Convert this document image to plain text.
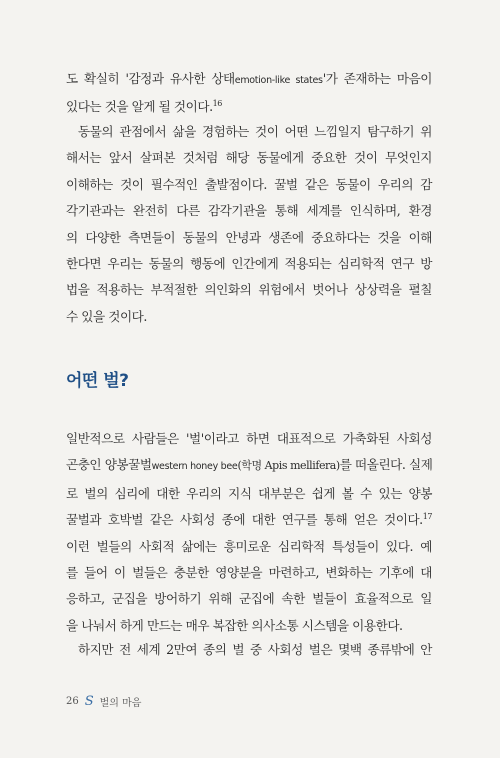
도 확실히 '감정과 유사한 상태emotion-like states'가 존재하는 마음이
있다는 것을 알게 될 것이다.$^{16}$
동물의 관점에서 삶을 경험하는 것이 어떤 느낌일지 탐구하기 위
해서는 앞서 살펴본 것처럼 해당 동물에게 중요한 것이 무엇인지
이해하는 것이 필수적인 출발점이다. 꿀벌 같은 동물이 우리의 감
각기관과는 완전히 다른 감각기관을 통해 세계를 인식하며, 환경
의 다양한 측면들이 동물의 안녕과 생존에 중요하다는 것을 이해
한다면 우리는 동물의 행동에 인간에게 적용되는 심리학적 연구 방
법을 적용하는 부적절한 의인화의 위험에서 벗어나 상상력을 펼칠
수 있을 것이다.
어떤 벌?
일반적으로 사람들은 '벌'이라고 하면 대표적으로 가축화된 사회성
곤충인 양봉꿀벌western honey bee(학명 Apis mellifera)를 떠올린다. 실제
로 벌의 심리에 대한 우리의 지식 대부분은 쉽게 볼 수 있는 양봉
꿀벌과 호박벌 같은 사회성 종에 대한 연구를 통해 얻은 것이다.$^{17}$
이런 벌들의 사회적 삶에는 흥미로운 심리학적 특성들이 있다. 예
를 들어 이 벌들은 충분한 영양분을 마련하고, 변화하는 기후에 대
응하고, 군집을 방어하기 위해 군집에 속한 벌들이 효율적으로 일
을 나눠서 하게 만드는 매우 복잡한 의사소통 시스템을 이용한다.
하지만 전 세계 2만여 종의 벌 중 사회성 벌은 몇백 종류밖에 안
26 S 벌의 마음
